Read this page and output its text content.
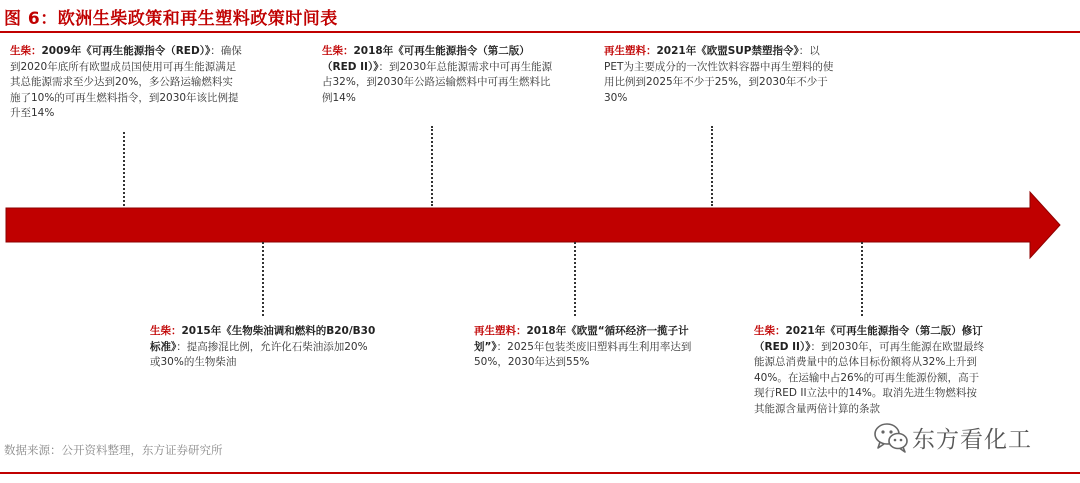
图 6：欧洲生柴政策和再生塑料政策时间表
生柴：2009年《可再生能源指令（RED）》：确保到2020年底所有欧盟成员国使用可再生能源满足其总能源需求至少达到20%，多公路运输燃料实施了10%的可再生燃料指令，到2030年该比例提升至14%
生柴：2018年《可再生能源指令（第二版）（RED II）》：到2030年总能源需求中可再生能源占32%，到2030年公路运输燃料中可再生燃料比例14%
再生塑料：2021年《欧盟SUP禁塑指令》：以PET为主要成分的一次性饮料容器中再生塑料的使用比例到2025年不少于25%，到2030年不少于30%
生柴：2015年《生物柴油调和燃料的B20/B30标准》：提高掺混比例，允许化石柴油添加20%或30%的生物柴油
再生塑料：2018年《欧盟“循环经济一揽子计划”》：2025年包装类废旧塑料再生利用率达到50%，2030年达到55%
生柴：2021年《可再生能源指令（第二版）修订（RED II）》：到2030年，可再生能源在欧盟最终能源总消费量中的总体目标份额将从32%上升到40%。在运输中占26%的可再生能源份额，高于现行RED II立法中的14%。取消先进生物燃料按其能源含量两倍计算的条款
数据来源：公开资料整理，东方证券研究所	东方看化工
